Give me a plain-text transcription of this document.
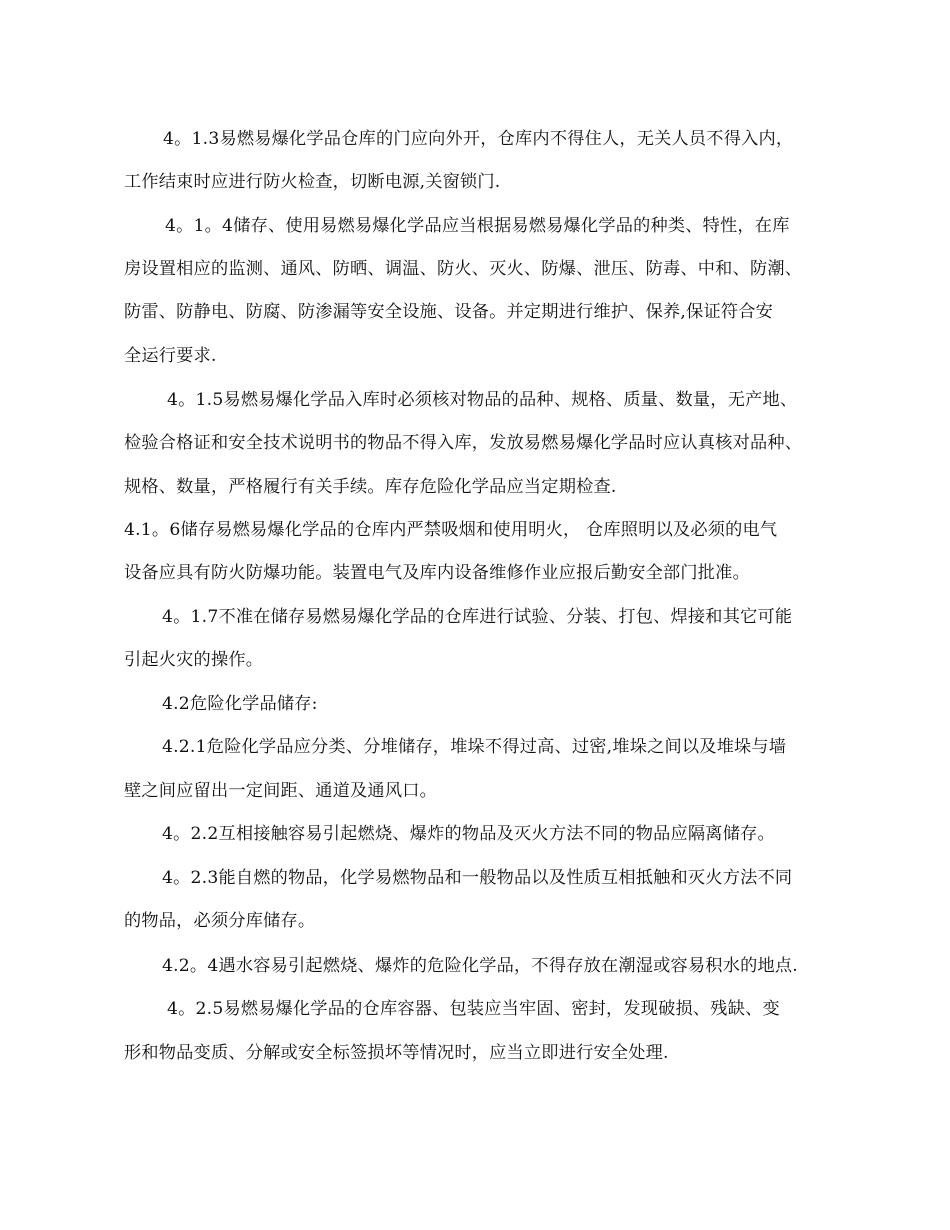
4。1.3易燃易爆化学品仓库的门应向外开，仓库内不得住人，无关人员不得入内，
工作结束时应进行防火检查，切断电源,关窗锁门.
4。1。4储存、使用易燃易爆化学品应当根据易燃易爆化学品的种类、特性，在库
房设置相应的监测、通风、防晒、调温、防火、灭火、防爆、泄压、防毒、中和、防潮、
防雷、防静电、防腐、防渗漏等安全设施、设备。并定期进行维护、保养,保证符合安
全运行要求.
4。1.5易燃易爆化学品入库时必须核对物品的品种、规格、质量、数量，无产地、
检验合格证和安全技术说明书的物品不得入库，发放易燃易爆化学品时应认真核对品种、
规格、数量，严格履行有关手续。库存危险化学品应当定期检查.
4.1。6储存易燃易爆化学品的仓库内严禁吸烟和使用明火， 仓库照明以及必须的电气
设备应具有防火防爆功能。装置电气及库内设备维修作业应报后勤安全部门批准。
4。1.7不准在储存易燃易爆化学品的仓库进行试验、分装、打包、焊接和其它可能
引起火灾的操作。
4.2危险化学品储存:
4.2.1危险化学品应分类、分堆储存，堆垛不得过高、过密,堆垛之间以及堆垛与墙
壁之间应留出一定间距、通道及通风口。
4。2.2互相接触容易引起燃烧、爆炸的物品及灭火方法不同的物品应隔离储存。
4。2.3能自燃的物品，化学易燃物品和一般物品以及性质互相抵触和灭火方法不同
的物品，必须分库储存。
4.2。4遇水容易引起燃烧、爆炸的危险化学品，不得存放在潮湿或容易积水的地点.
4。2.5易燃易爆化学品的仓库容器、包装应当牢固、密封，发现破损、残缺、变
形和物品变质、分解或安全标签损坏等情况时，应当立即进行安全处理.
